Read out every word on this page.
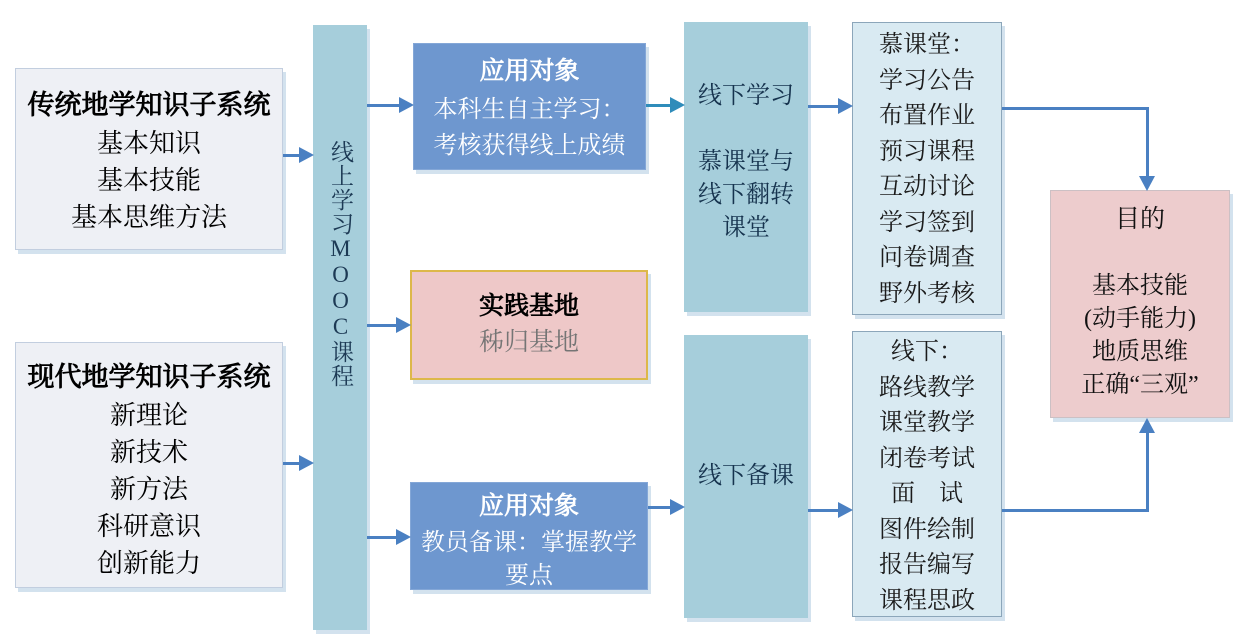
传统地学知识子系统
基本知识
基本技能
基本思维方法
现代地学知识子系统
新理论
新技术
新方法
科研意识
创新能力
线上学习MOOC课程
应用对象
本科生自主学习：考核获得线上成绩
实践基地
秭归基地
应用对象
教员备课：掌握教学要点
线下学习
慕课堂与
线下翻转
课堂
线下备课
慕课堂：
学习公告
布置作业
预习课程
互动讨论
学习签到
问卷调查
野外考核
线下：
路线教学
课堂教学
闭卷考试
面　试
图件绘制
报告编写
课程思政
目的
基本技能
(动手能力)
地质思维
正确“三观”
